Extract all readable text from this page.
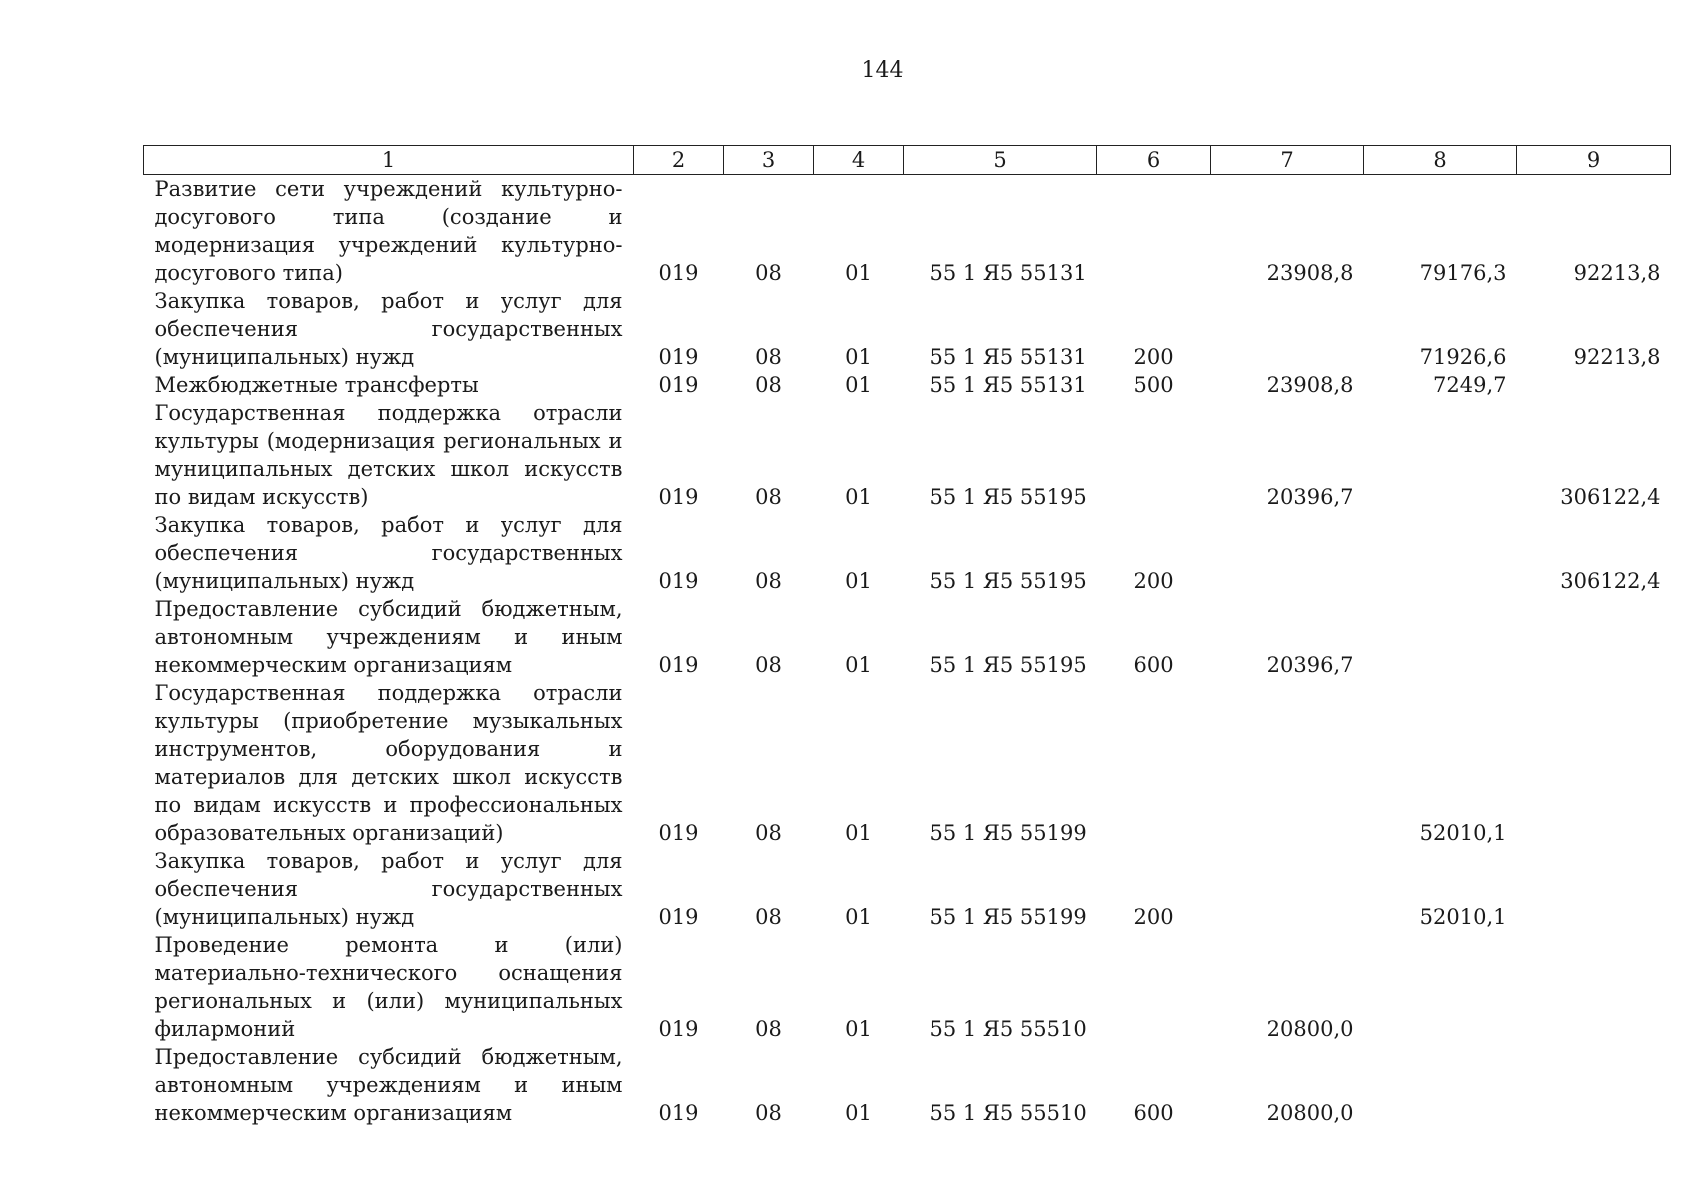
144
1	2	3	4	5	6	7	8	9
Развитие сети учреждений культурно-досугового типа (создание и модернизация учреждений культурно-досугового типа)	019	08	01	55 1 Я5 55131		23908,8	79176,3	92213,8
Закупка товаров, работ и услуг для обеспечения государственных (муниципальных) нужд	019	08	01	55 1 Я5 55131	200		71926,6	92213,8
Межбюджетные трансферты	019	08	01	55 1 Я5 55131	500	23908,8	7249,7	
Государственная поддержка отрасли культуры (модернизация региональных и муниципальных детских школ искусств по видам искусств)	019	08	01	55 1 Я5 55195		20396,7		306122,4
Закупка товаров, работ и услуг для обеспечения государственных (муниципальных) нужд	019	08	01	55 1 Я5 55195	200			306122,4
Предоставление субсидий бюджетным, автономным учреждениям и иным некоммерческим организациям	019	08	01	55 1 Я5 55195	600	20396,7		
Государственная поддержка отрасли культуры (приобретение музыкальных инструментов, оборудования и материалов для детских школ искусств по видам искусств и профессиональных образовательных организаций)	019	08	01	55 1 Я5 55199			52010,1	
Закупка товаров, работ и услуг для обеспечения государственных (муниципальных) нужд	019	08	01	55 1 Я5 55199	200		52010,1	
Проведение ремонта и (или) материально-технического оснащения региональных и (или) муниципальных филармоний	019	08	01	55 1 Я5 55510		20800,0		
Предоставление субсидий бюджетным, автономным учреждениям и иным некоммерческим организациям	019	08	01	55 1 Я5 55510	600	20800,0		
